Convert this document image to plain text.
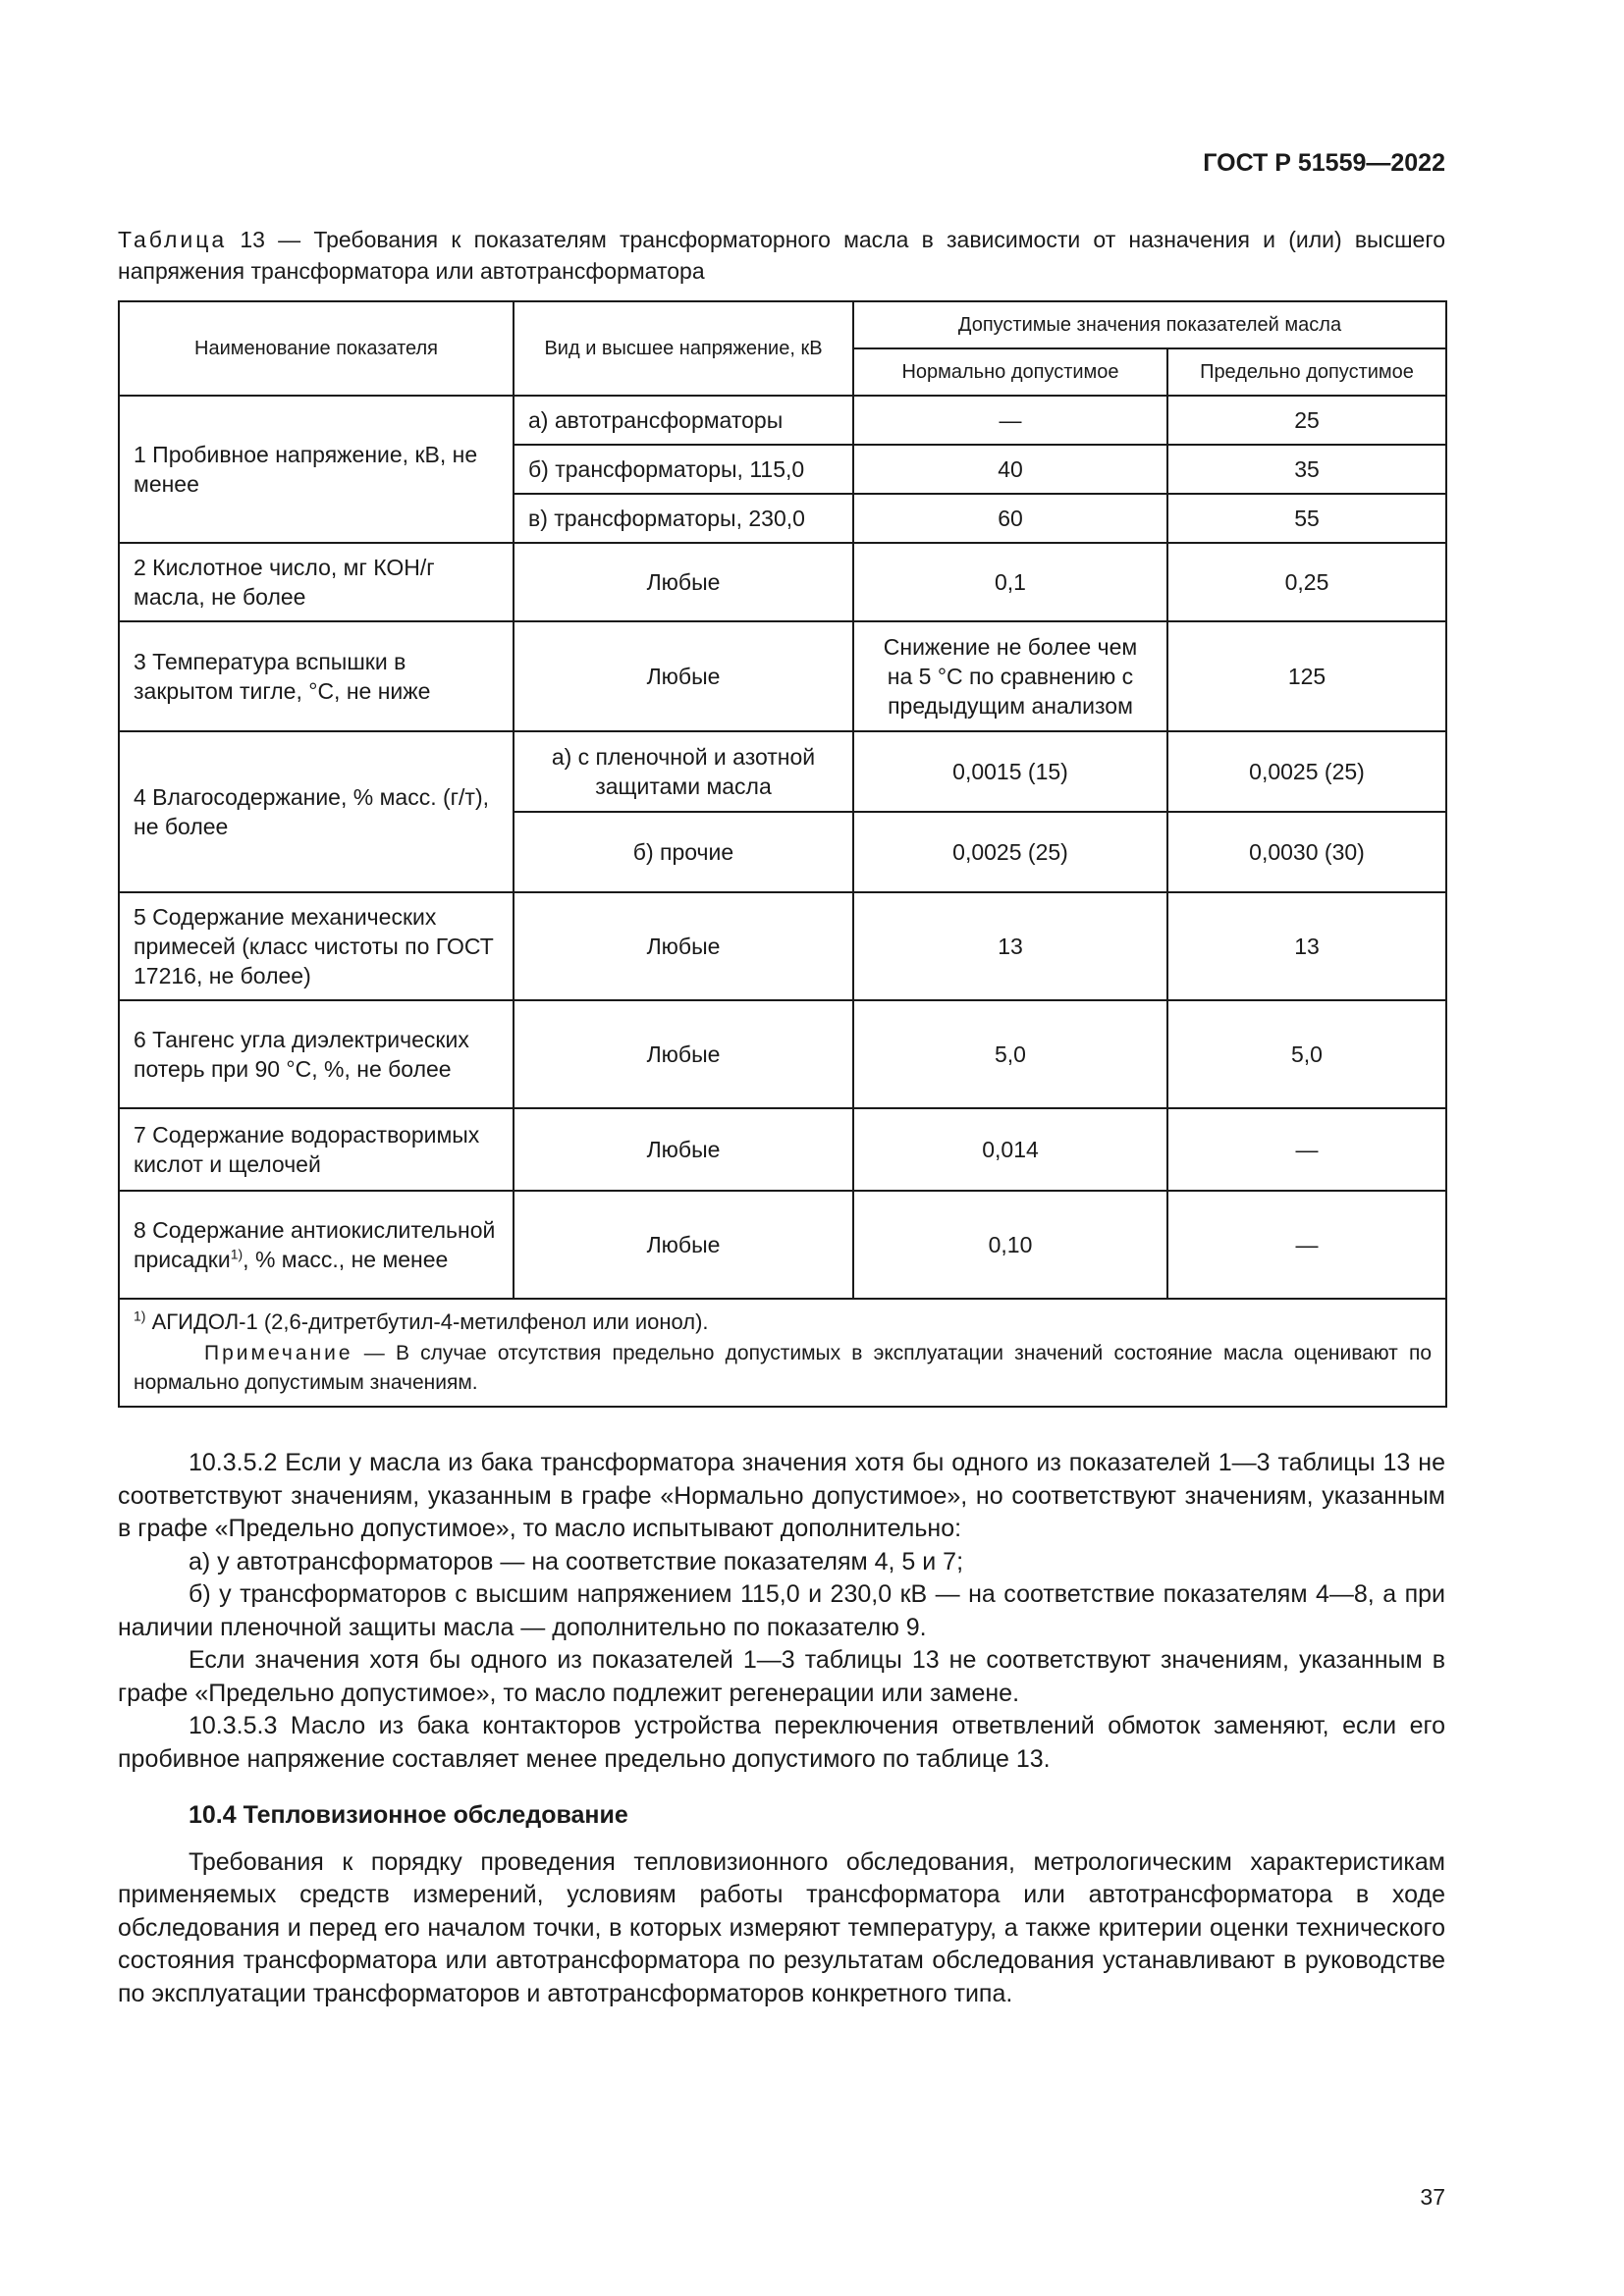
ГОСТ Р 51559—2022
Таблица 13 — Требования к показателям трансформаторного масла в зависимости от назначения и (или) высшего напряжения трансформатора или автотрансформатора
Наименование показателя	Вид и высшее напряжение, кВ	Допустимые значения показателей масла	
		Нормально допустимое	Предельно допустимое
1 Пробивное напряжение, кВ, не менее	а) автотрансформаторы	—	25
	б) трансформаторы, 115,0	40	35
	в) трансформаторы, 230,0	60	55
2 Кислотное число, мг КОН/г масла, не более	Любые	0,1	0,25
3 Температура вспышки в закрытом тигле, °С, не ниже	Любые	Снижение не более чем на 5 °С по сравнению с предыдущим анализом	125
4 Влагосодержание, % масс. (г/т), не более	а) с пленочной и азотной защитами масла	0,0015 (15)	0,0025 (25)
	б) прочие	0,0025 (25)	0,0030 (30)
5 Содержание механических примесей (класс чистоты по ГОСТ 17216, не более)	Любые	13	13
6 Тангенс угла диэлектрических потерь при 90 °С, %, не более	Любые	5,0	5,0
7 Содержание водорастворимых кислот и щелочей	Любые	0,014	—
8 Содержание антиокислительной присадки$^{1)}$, % масс., не менее	Любые	0,10	—

$^{1)}$ АГИДОЛ-1 (2,6-дитретбутил-4-метилфенол или ионол).
Примечание — В случае отсутствия предельно допустимых в эксплуатации значений состояние масла оценивают по нормально допустимым значениям.			

10.3.5.2 Если у масла из бака трансформатора значения хотя бы одного из показателей 1—3 таблицы 13 не соответствуют значениям, указанным в графе «Нормально допустимое», но соответствуют значениям, указанным в графе «Предельно допустимое», то масло испытывают дополнительно:

а) у автотрансформаторов — на соответствие показателям 4, 5 и 7;

б) у трансформаторов с высшим напряжением 115,0 и 230,0 кВ — на соответствие показателям 4—8, а при наличии пленочной защиты масла — дополнительно по показателю 9.

Если значения хотя бы одного из показателей 1—3 таблицы 13 не соответствуют значениям, указанным в графе «Предельно допустимое», то масло подлежит регенерации или замене.

10.3.5.3 Масло из бака контакторов устройства переключения ответвлений обмоток заменяют, если его пробивное напряжение составляет менее предельно допустимого по таблице 13.

10.4 Тепловизионное обследование

Требования к порядку проведения тепловизионного обследования, метрологическим характеристикам применяемых средств измерений, условиям работы трансформатора или автотрансформатора в ходе обследования и перед его началом точки, в которых измеряют температуру, а также критерии оценки технического состояния трансформатора или автотрансформатора по результатам обследования устанавливают в руководстве по эксплуатации трансформаторов и автотрансформаторов конкретного типа.

37
